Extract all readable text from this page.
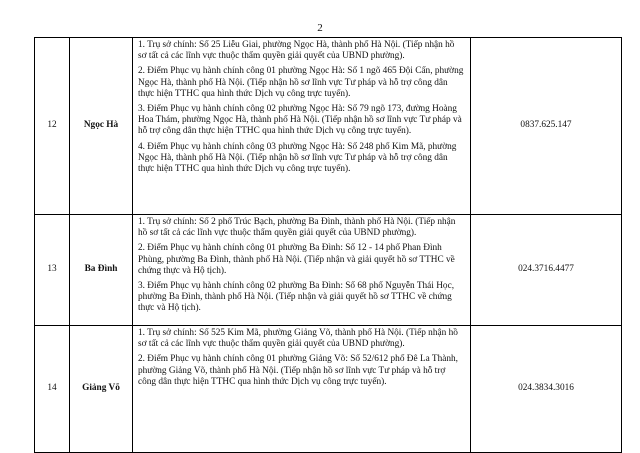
2
12	Ngọc Hà	1. Trụ sở chính: Số 25 Liễu Giai, phường Ngọc Hà, thành phố Hà Nội. (Tiếp nhận hồ sơ tất cả các lĩnh vực thuộc thẩm quyền giải quyết của UBND phường).
2. Điểm Phục vụ hành chính công 01 phường Ngọc Hà: Số 1 ngõ 465 Đội Cấn, phường Ngọc Hà, thành phố Hà Nội. (Tiếp nhận hồ sơ lĩnh vực Tư pháp và hỗ trợ công dân thực hiện TTHC qua hình thức Dịch vụ công trực tuyến).
3. Điểm Phục vụ hành chính công 02 phường Ngọc Hà: Số 79 ngõ 173, đường Hoàng Hoa Thám, phường Ngọc Hà, thành phố Hà Nội. (Tiếp nhận hồ sơ lĩnh vực Tư pháp và hỗ trợ công dân thực hiện TTHC qua hình thức Dịch vụ công trực tuyến).
4. Điểm Phục vụ hành chính công 03 phường Ngọc Hà: Số 248 phố Kim Mã, phường Ngọc Hà, thành phố Hà Nội. (Tiếp nhận hồ sơ lĩnh vực Tư pháp và hỗ trợ công dân thực hiện TTHC qua hình thức Dịch vụ công trực tuyến).	0837.625.147
13	Ba Đình	1. Trụ sở chính: Số 2 phố Trúc Bạch, phường Ba Đình, thành phố Hà Nội. (Tiếp nhận hồ sơ tất cả các lĩnh vực thuộc thẩm quyền giải quyết của UBND phường).
2. Điểm Phục vụ hành chính công 01 phường Ba Đình: Số 12 - 14 phố Phan Đình Phùng, phường Ba Đình, thành phố Hà Nội. (Tiếp nhận và giải quyết hồ sơ TTHC về chứng thực và Hộ tịch).
3. Điểm Phục vụ hành chính công 02 phường Ba Đình: Số 68 phố Nguyễn Thái Học, phường Ba Đình, thành phố Hà Nội. (Tiếp nhận và giải quyết hồ sơ TTHC về chứng thực và Hộ tịch).	024.3716.4477
14	Giảng Võ	1. Trụ sở chính: Số 525 Kim Mã, phường Giảng Võ, thành phố Hà Nội. (Tiếp nhận hồ sơ tất cả các lĩnh vực thuộc thẩm quyền giải quyết của UBND phường).
2. Điểm Phục vụ hành chính công 01 phường Giảng Võ: Số 52/612 phố Đê La Thành, phường Giảng Võ, thành phố Hà Nội. (Tiếp nhận hồ sơ lĩnh vực Tư pháp và hỗ trợ công dân thực hiện TTHC qua hình thức Dịch vụ công trực tuyến).	024.3834.3016
